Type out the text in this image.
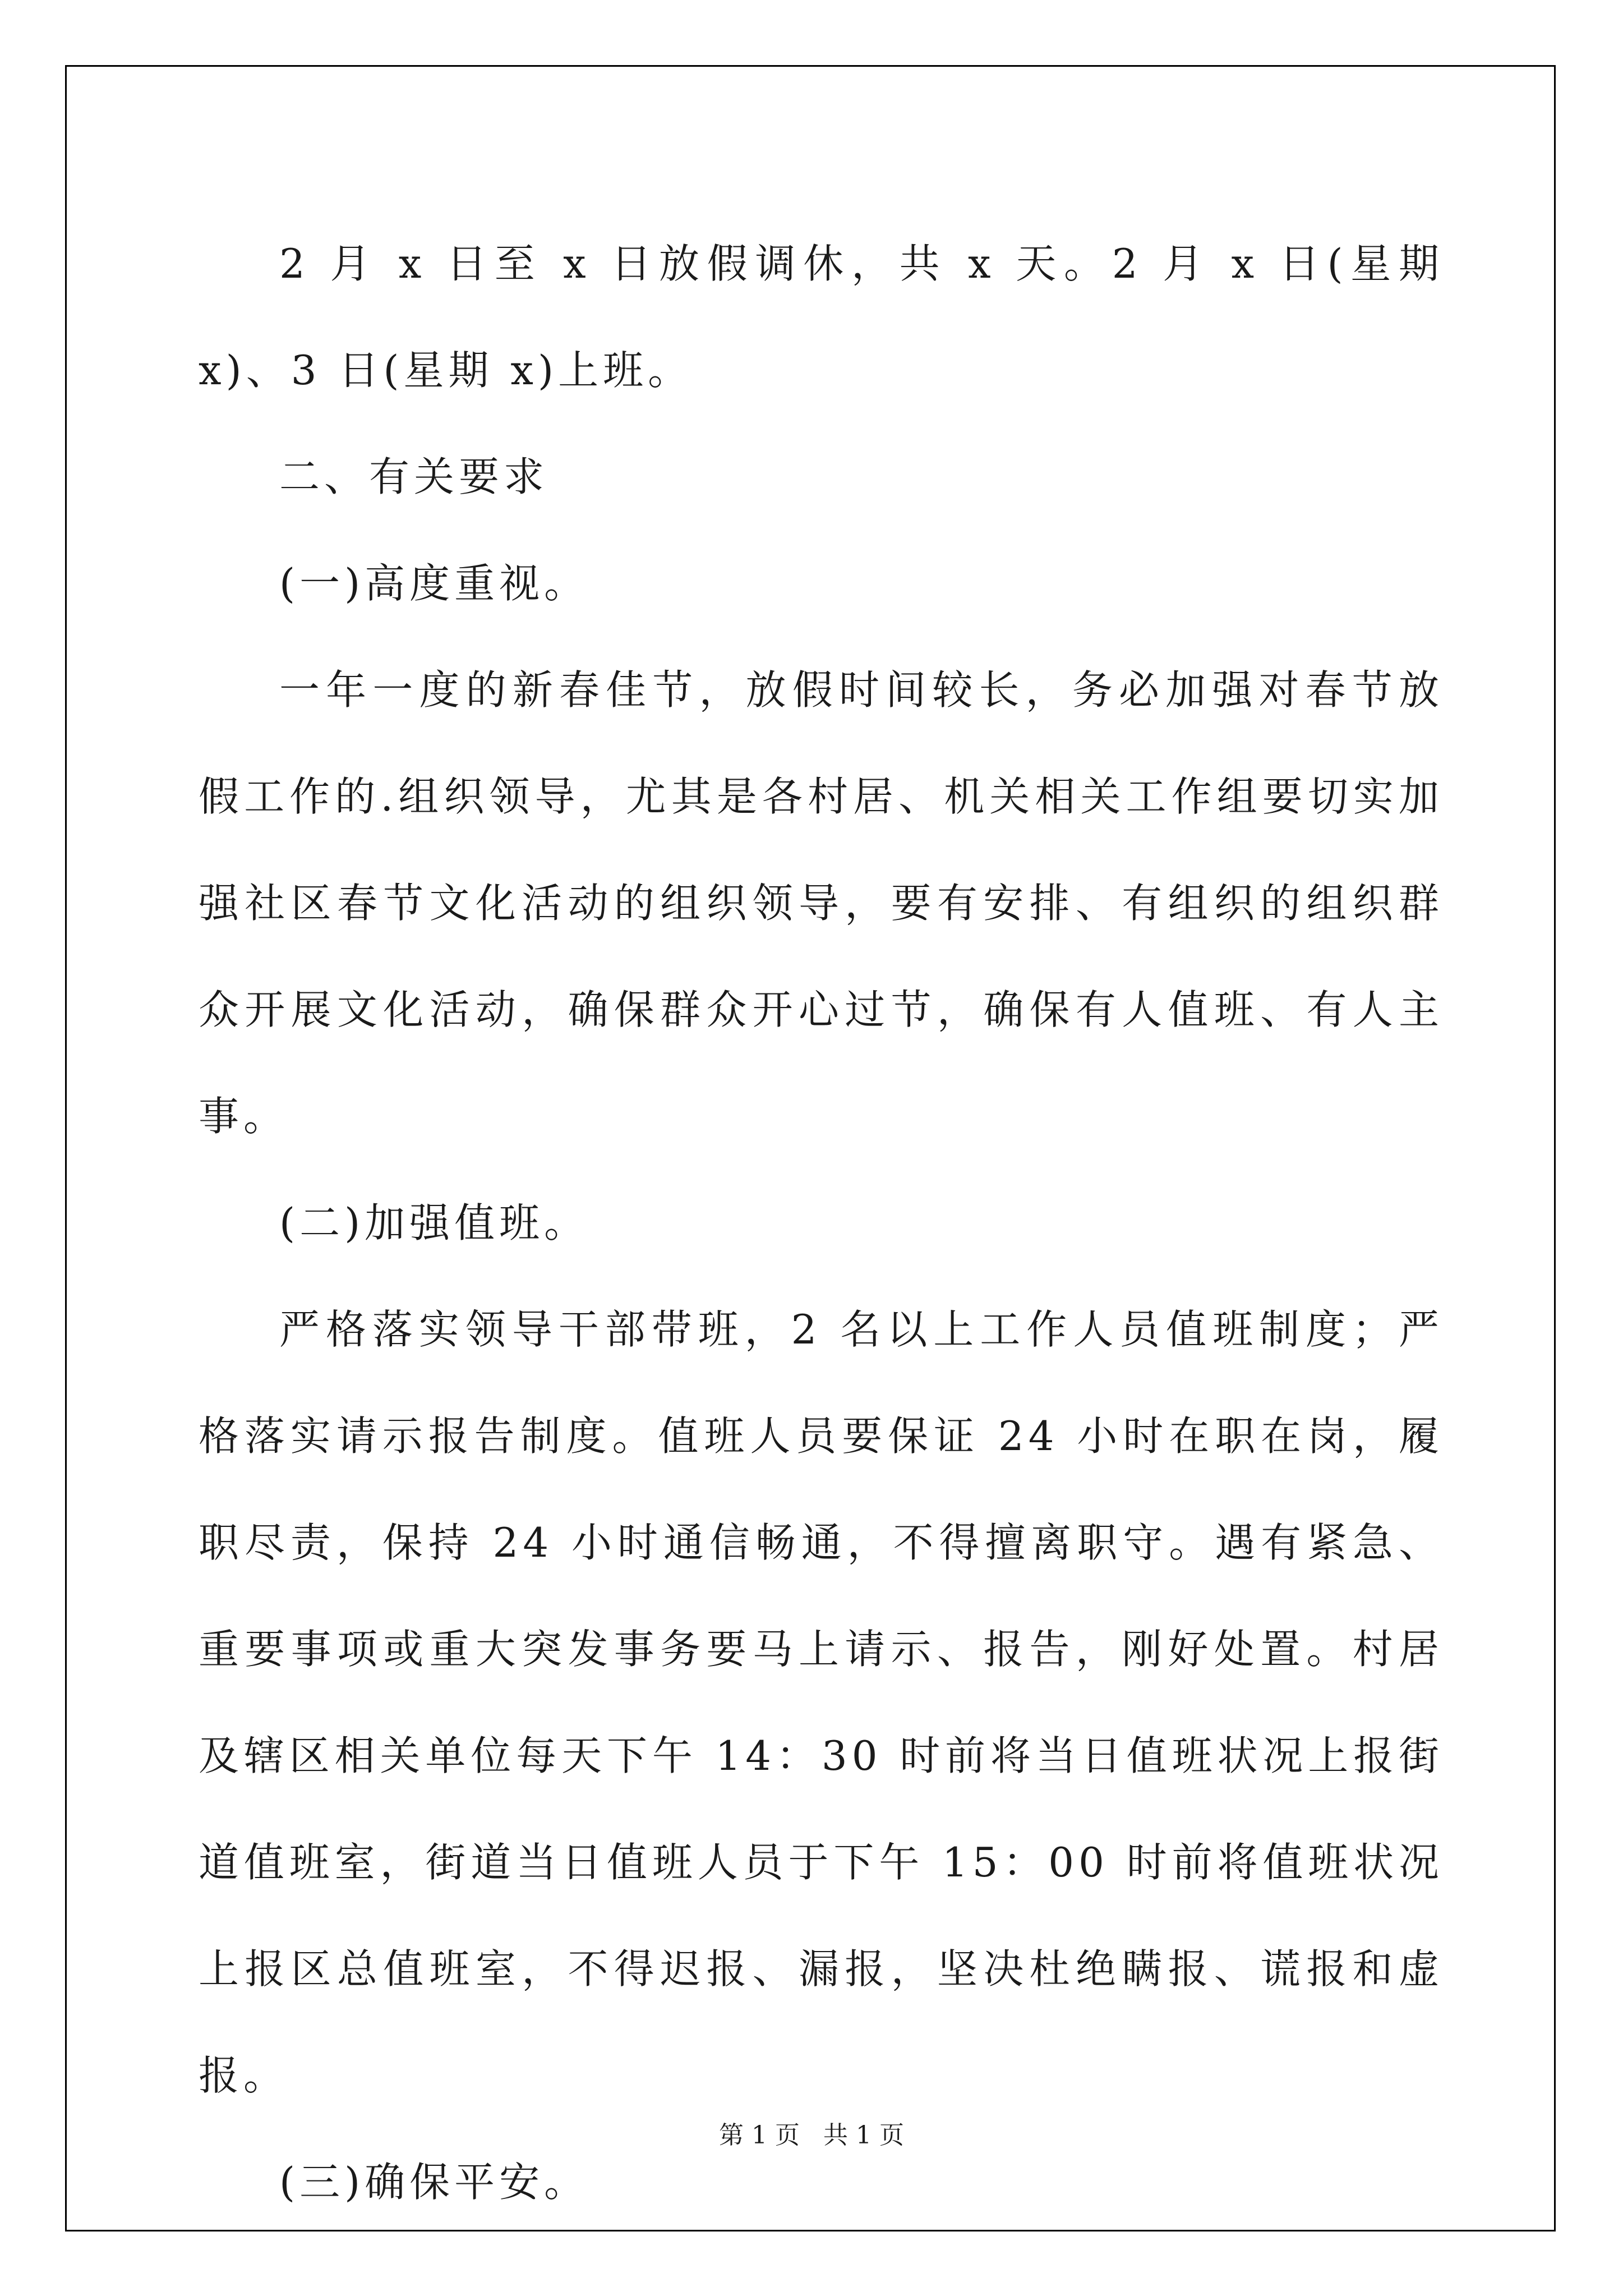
2 月 x 日至 x 日放假调休，共 x 天。2 月 x 日(星期 x)、3 日(星期 x)上班。

二、有关要求

(一)高度重视。

一年一度的新春佳节，放假时间较长，务必加强对春节放假工作的.组织领导，尤其是各村居、机关相关工作组要切实加强社区春节文化活动的组织领导，要有安排、有组织的组织群众开展文化活动，确保群众开心过节，确保有人值班、有人主事。

(二)加强值班。

严格落实领导干部带班，2 名以上工作人员值班制度；严格落实请示报告制度。值班人员要保证 24 小时在职在岗，履职尽责，保持 24 小时通信畅通，不得擅离职守。遇有紧急、重要事项或重大突发事务要马上请示、报告，刚好处置。村居及辖区相关单位每天下午 14：30 时前将当日值班状况上报街道值班室，街道当日值班人员于下午 15：00 时前将值班状况上报区总值班室，不得迟报、漏报，坚决杜绝瞒报、谎报和虚报。

(三)确保平安。

第 1 页   共 1 页
